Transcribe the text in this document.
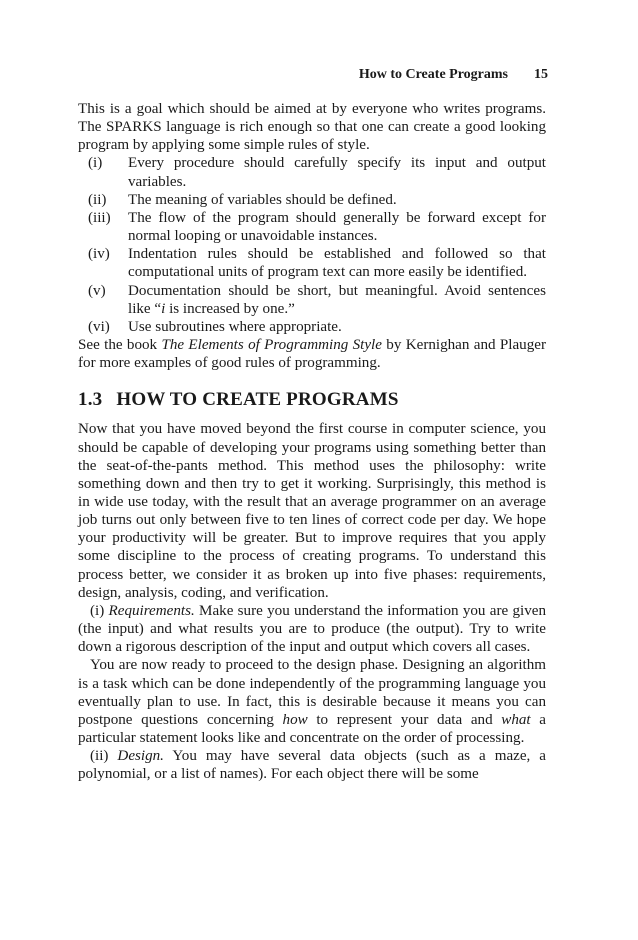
How to Create Programs 15

This is a goal which should be aimed at by everyone who writes programs. The SPARKS language is rich enough so that one can create a good looking program by applying some simple rules of style.

(i)	Every procedure should carefully specify its input and output variables.
(ii)	The meaning of variables should be defined.
(iii)	The flow of the program should generally be forward except for normal looping or unavoidable instances.
(iv)	Indentation rules should be established and followed so that computational units of program text can more easily be identified.
(v)	Documentation should be short, but meaningful. Avoid sentences like “i is increased by one.”
(vi)	Use subroutines where appropriate.

See the book The Elements of Programming Style by Kernighan and Plauger for more examples of good rules of programming.

1.3 HOW TO CREATE PROGRAMS

Now that you have moved beyond the first course in computer science, you should be capable of developing your programs using something better than the seat-of-the-pants method. This method uses the philosophy: write something down and then try to get it working. Surprisingly, this method is in wide use today, with the result that an average programmer on an average job turns out only between five to ten lines of correct code per day. We hope your productivity will be greater. But to improve requires that you apply some discipline to the process of creating programs. To understand this process better, we consider it as broken up into five phases: requirements, design, analysis, coding, and verification.

(i) Requirements. Make sure you understand the information you are given (the input) and what results you are to produce (the output). Try to write down a rigorous description of the input and output which covers all cases.

You are now ready to proceed to the design phase. Designing an algorithm is a task which can be done independently of the programming language you eventually plan to use. In fact, this is desirable because it means you can postpone questions concerning how to represent your data and what a particular statement looks like and concentrate on the order of processing.

(ii) Design. You may have several data objects (such as a maze, a polynomial, or a list of names). For each object there will be some
